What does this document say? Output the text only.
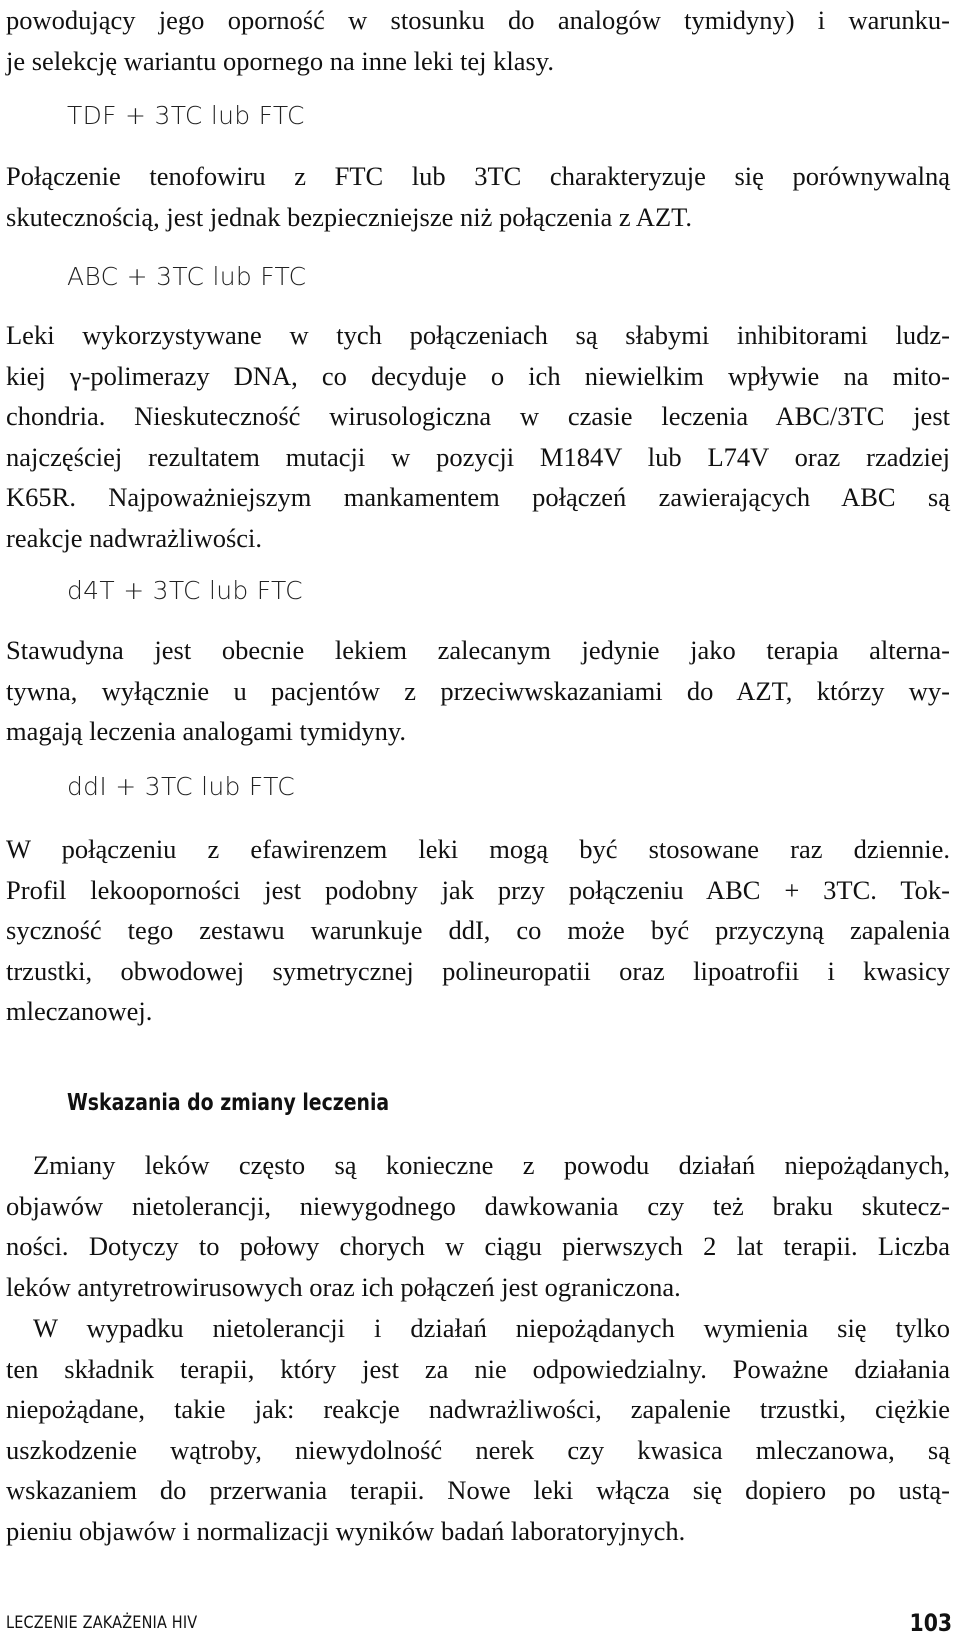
powodujący jego oporność w stosunku do analogów tymidyny) i warunku-
je selekcję wariantu opornego na inne leki tej klasy.

TDF + 3TC lub FTC

Połączenie tenofowiru z FTC lub 3TC charakteryzuje się porównywalną
skutecznością, jest jednak bezpieczniejsze niż połączenia z AZT.

ABC + 3TC lub FTC

Leki wykorzystywane w tych połączeniach są słabymi inhibitorami ludz-
kiej γ-polimerazy DNA, co decyduje o ich niewielkim wpływie na mito-
chondria. Nieskuteczność wirusologiczna w czasie leczenia ABC/3TC jest
najczęściej rezultatem mutacji w pozycji M184V lub L74V oraz rzadziej
K65R. Najpoważniejszym mankamentem połączeń zawierających ABC są
reakcje nadwrażliwości.

d4T + 3TC lub FTC

Stawudyna jest obecnie lekiem zalecanym jedynie jako terapia alterna-
tywna, wyłącznie u pacjentów z przeciwwskazaniami do AZT, którzy wy-
magają leczenia analogami tymidyny.

ddI + 3TC lub FTC

W połączeniu z efawirenzem leki mogą być stosowane raz dziennie.
Profil lekooporności jest podobny jak przy połączeniu ABC + 3TC. Tok-
syczność tego zestawu warunkuje ddI, co może być przyczyną zapalenia
trzustki, obwodowej symetrycznej polineuropatii oraz lipoatrofii i kwasicy
mleczanowej.

Wskazania do zmiany leczenia

Zmiany leków często są konieczne z powodu działań niepożądanych,
objawów nietolerancji, niewygodnego dawkowania czy też braku skutecz-
ności. Dotyczy to połowy chorych w ciągu pierwszych 2 lat terapii. Liczba
leków antyretrowirusowych oraz ich połączeń jest ograniczona.

W wypadku nietolerancji i działań niepożądanych wymienia się tylko
ten składnik terapii, który jest za nie odpowiedzialny. Poważne działania
niepożądane, takie jak: reakcje nadwrażliwości, zapalenie trzustki, ciężkie
uszkodzenie wątroby, niewydolność nerek czy kwasica mleczanowa, są
wskazaniem do przerwania terapii. Nowe leki włącza się dopiero po ustą-
pieniu objawów i normalizacji wyników badań laboratoryjnych.

LECZENIE ZAKAŻENIA HIV	103
